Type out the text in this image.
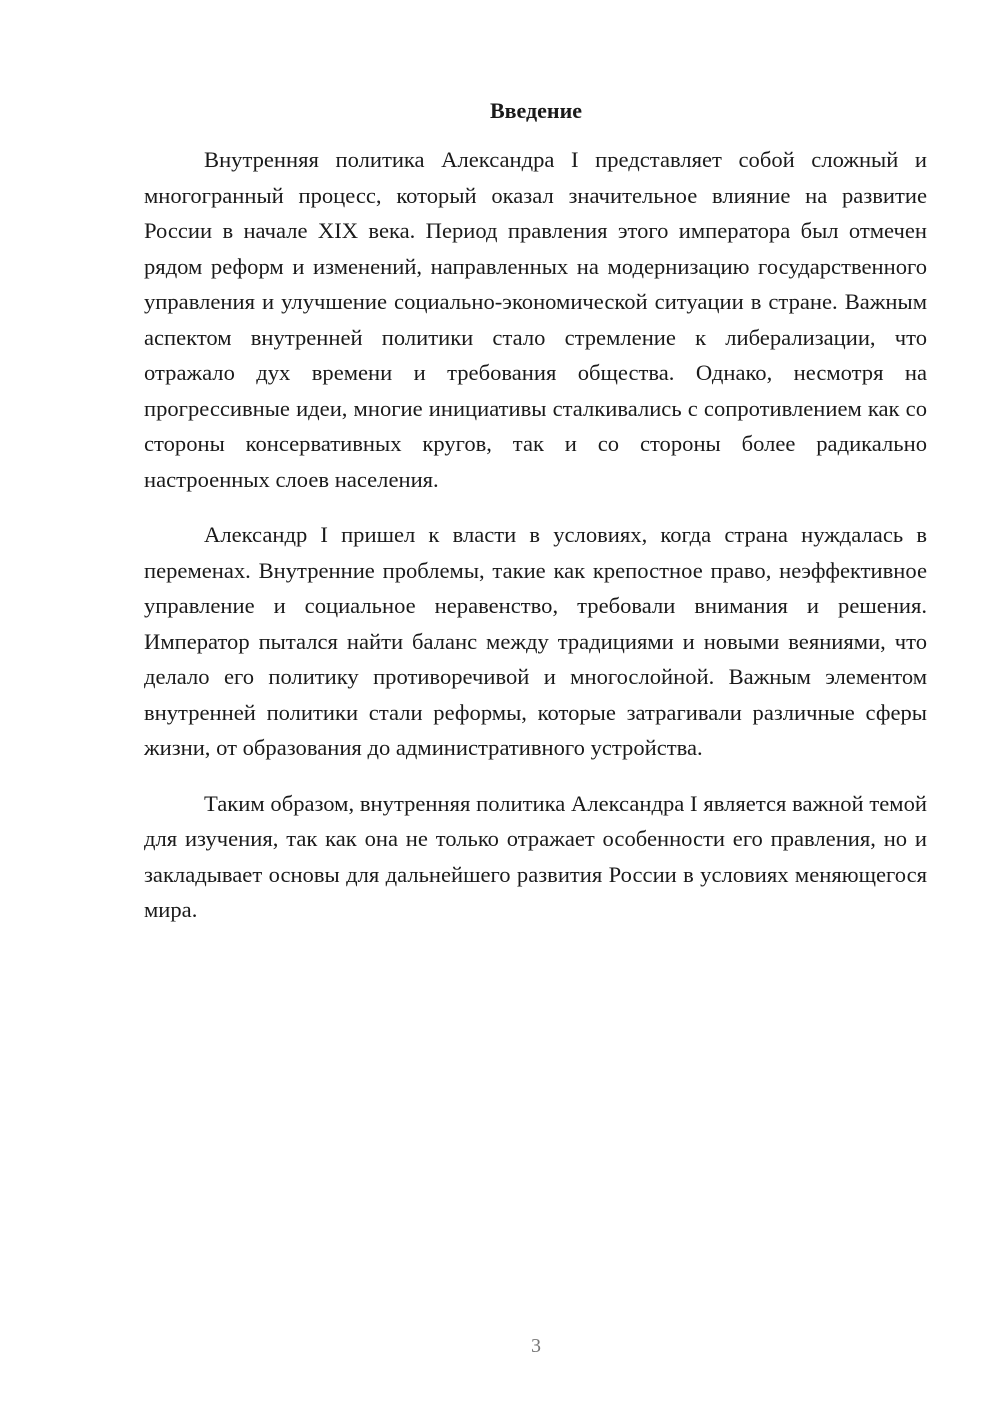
Введение

Внутренняя политика Александра I представляет собой сложный и многогранный процесс, который оказал значительное влияние на развитие России в начале XIX века. Период правления этого императора был отмечен рядом реформ и изменений, направленных на модернизацию государственного управления и улучшение социально-экономической ситуации в стране. Важным аспектом внутренней политики стало стремление к либерализации, что отражало дух времени и требования общества. Однако, несмотря на прогрессивные идеи, многие инициативы сталкивались с сопротивлением как со стороны консервативных кругов, так и со стороны более радикально настроенных слоев населения.

Александр I пришел к власти в условиях, когда страна нуждалась в переменах. Внутренние проблемы, такие как крепостное право, неэффективное управление и социальное неравенство, требовали внимания и решения. Император пытался найти баланс между традициями и новыми веяниями, что делало его политику противоречивой и многослойной. Важным элементом внутренней политики стали реформы, которые затрагивали различные сферы жизни, от образования до административного устройства.

Таким образом, внутренняя политика Александра I является важной темой для изучения, так как она не только отражает особенности его правления, но и закладывает основы для дальнейшего развития России в условиях меняющегося мира.

3
